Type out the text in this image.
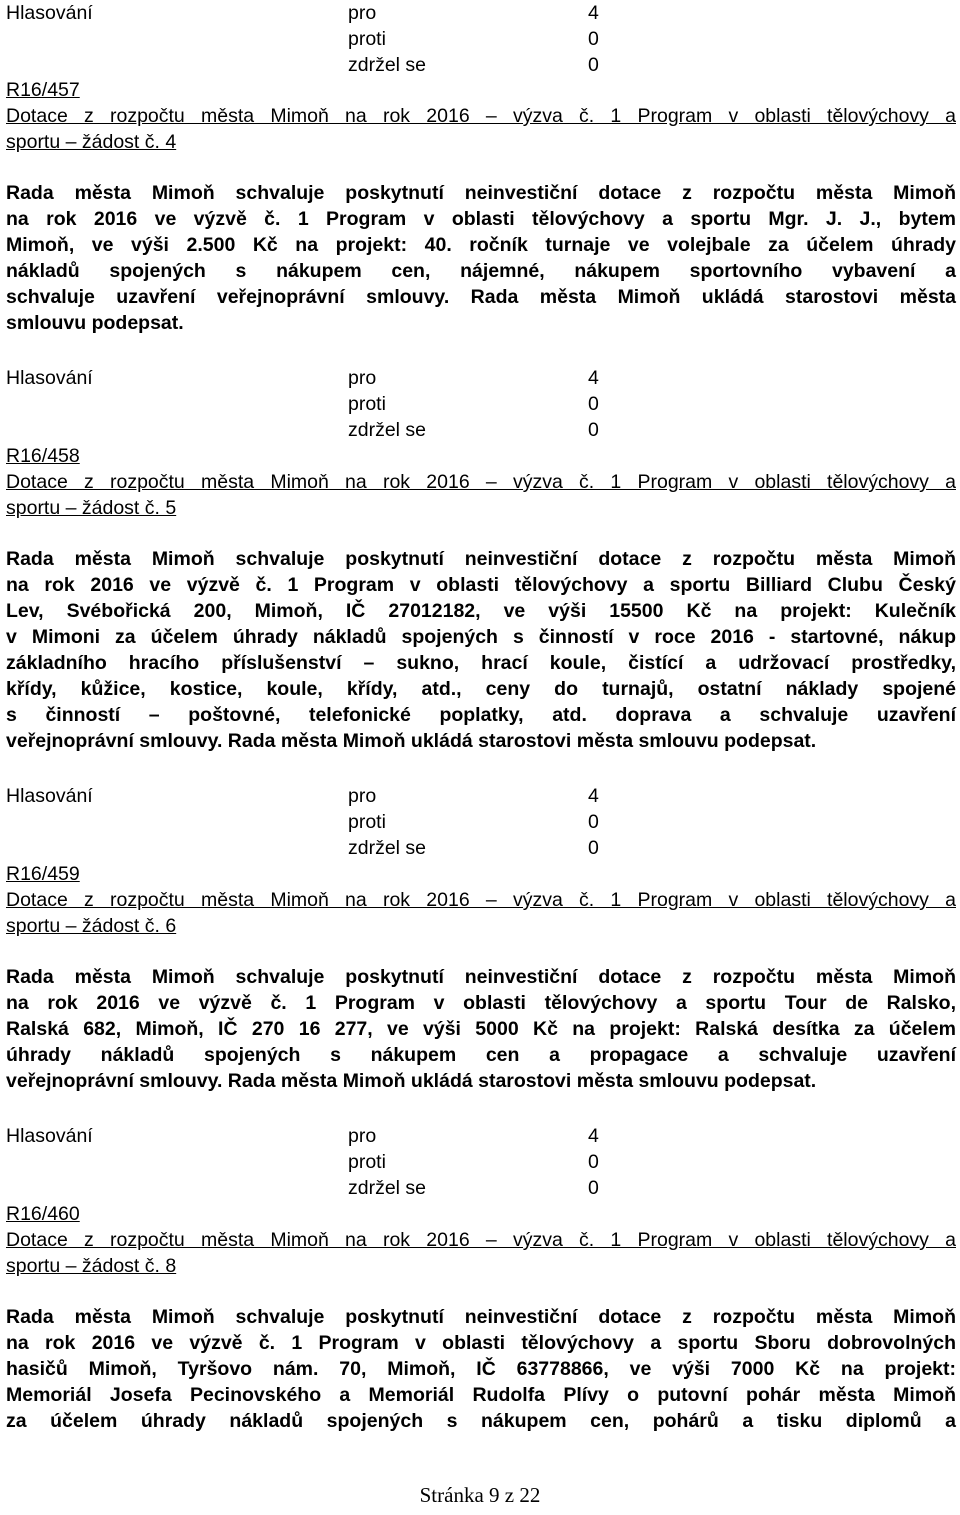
Hlasování	pro	4
proti	0
zdržel se	0
R16/457
Dotace z rozpočtu města Mimoň na rok 2016 – výzva č. 1 Program v oblasti tělovýchovy a
sportu – žádost č. 4
Rada města Mimoň schvaluje poskytnutí neinvestiční dotace z rozpočtu města Mimoň
na rok 2016 ve výzvě č. 1 Program v oblasti tělovýchovy a sportu Mgr. J. J., bytem
Mimoň, ve výši 2.500 Kč na projekt: 40. ročník turnaje ve volejbale za účelem úhrady
nákladů spojených s nákupem cen, nájemné, nákupem sportovního vybavení a
schvaluje uzavření veřejnoprávní smlouvy. Rada města Mimoň ukládá starostovi města
smlouvu podepsat.
Hlasování	pro	4
proti	0
zdržel se	0
R16/458
Dotace z rozpočtu města Mimoň na rok 2016 – výzva č. 1 Program v oblasti tělovýchovy a
sportu – žádost č. 5
Rada města Mimoň schvaluje poskytnutí neinvestiční dotace z rozpočtu města Mimoň
na rok 2016 ve výzvě č. 1 Program v oblasti tělovýchovy a sportu Billiard Clubu Český
Lev, Svébořická 200, Mimoň, IČ 27012182, ve výši 15500 Kč na projekt: Kulečník
v Mimoni za účelem úhrady nákladů spojených s činností v roce 2016 - startovné, nákup
základního hracího příslušenství – sukno, hrací koule, čistící a udržovací prostředky,
křídy, kůžice, kostice, koule, křídy, atd., ceny do turnajů, ostatní náklady spojené
s činností – poštovné, telefonické poplatky, atd. doprava a schvaluje uzavření
veřejnoprávní smlouvy. Rada města Mimoň ukládá starostovi města smlouvu podepsat.
Hlasování	pro	4
proti	0
zdržel se	0
R16/459
Dotace z rozpočtu města Mimoň na rok 2016 – výzva č. 1 Program v oblasti tělovýchovy a
sportu – žádost č. 6
Rada města Mimoň schvaluje poskytnutí neinvestiční dotace z rozpočtu města Mimoň
na rok 2016 ve výzvě č. 1 Program v oblasti tělovýchovy a sportu Tour de Ralsko,
Ralská 682, Mimoň, IČ 270 16 277, ve výši 5000 Kč na projekt: Ralská desítka za účelem
úhrady nákladů spojených s nákupem cen a propagace a schvaluje uzavření
veřejnoprávní smlouvy. Rada města Mimoň ukládá starostovi města smlouvu podepsat.
Hlasování	pro	4
proti	0
zdržel se	0
R16/460
Dotace z rozpočtu města Mimoň na rok 2016 – výzva č. 1 Program v oblasti tělovýchovy a
sportu – žádost č. 8
Rada města Mimoň schvaluje poskytnutí neinvestiční dotace z rozpočtu města Mimoň
na rok 2016 ve výzvě č. 1 Program v oblasti tělovýchovy a sportu Sboru dobrovolných
hasičů Mimoň, Tyršovo nám. 70, Mimoň, IČ 63778866, ve výši 7000 Kč na projekt:
Memoriál Josefa Pecinovského a Memoriál Rudolfa Plívy o putovní pohár města Mimoň
za účelem úhrady nákladů spojených s nákupem cen, pohárů a tisku diplomů a
Stránka 9 z 22
